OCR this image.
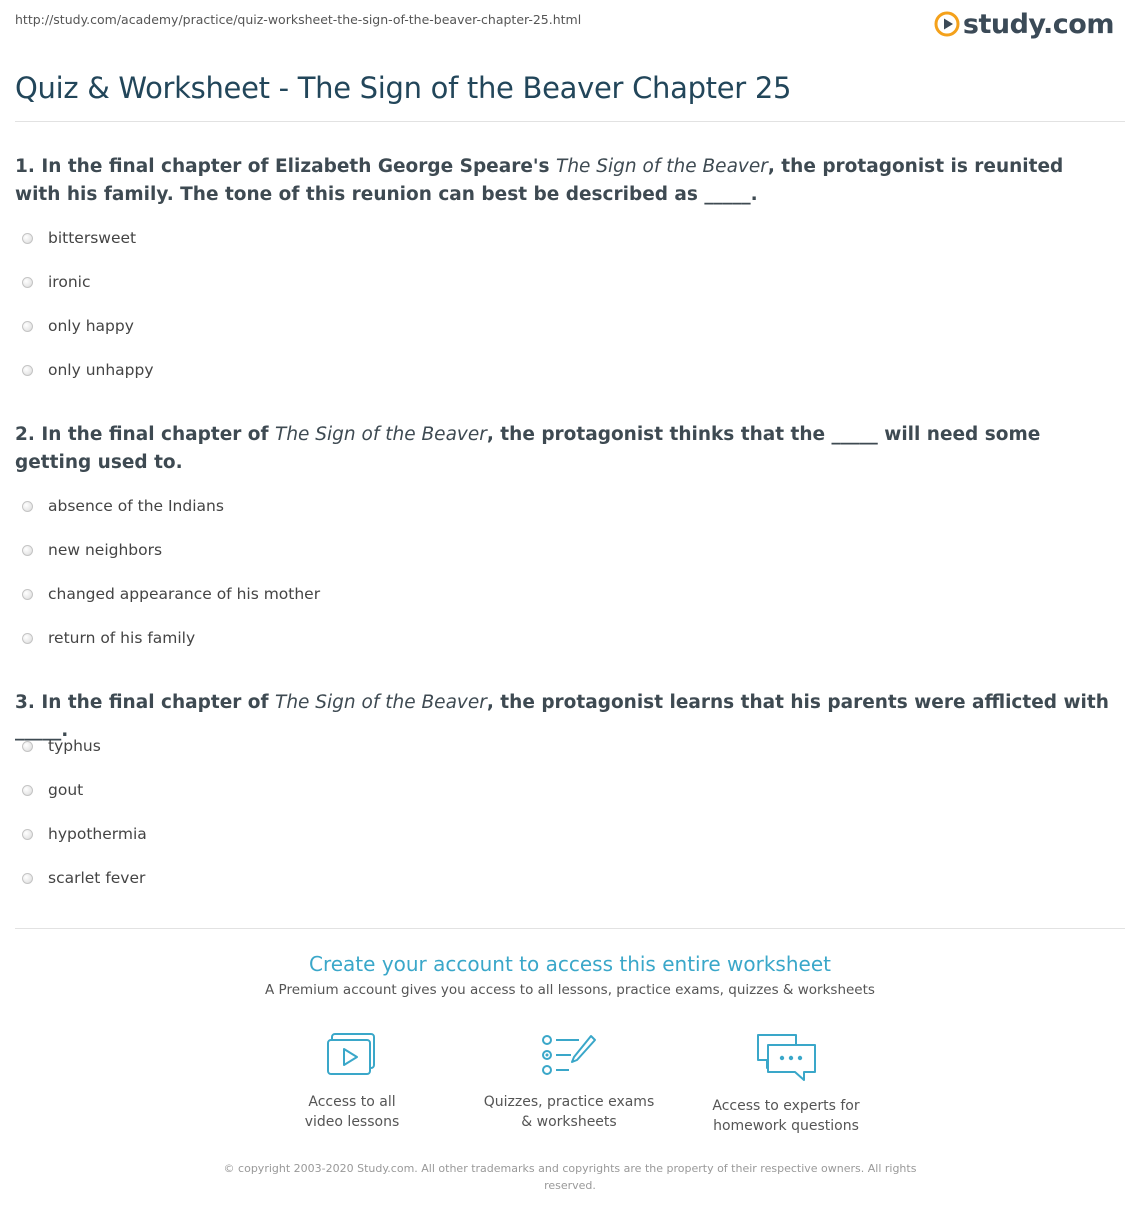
http://study.com/academy/practice/quiz-worksheet-the-sign-of-the-beaver-chapter-25.html	study.com
Quiz & Worksheet - The Sign of the Beaver Chapter 25

1. In the final chapter of Elizabeth George Speare's The Sign of the Beaver, the protagonist is reunited with his family. The tone of this reunion can best be described as _____.

bittersweet
ironic
only happy
only unhappy

2. In the final chapter of The Sign of the Beaver, the protagonist thinks that the _____ will need some getting used to.

absence of the Indians
new neighbors
changed appearance of his mother
return of his family

3. In the final chapter of The Sign of the Beaver, the protagonist learns that his parents were afflicted with _____.

typhus
gout
hypothermia
scarlet fever
Create your account to access this entire worksheet
A Premium account gives you access to all lessons, practice exams, quizzes & worksheets
Access to all
video lessons
Quizzes, practice exams
& worksheets
Access to experts for
homework questions
© copyright 2003-2020 Study.com. All other trademarks and copyrights are the property of their respective owners. All rights reserved.
